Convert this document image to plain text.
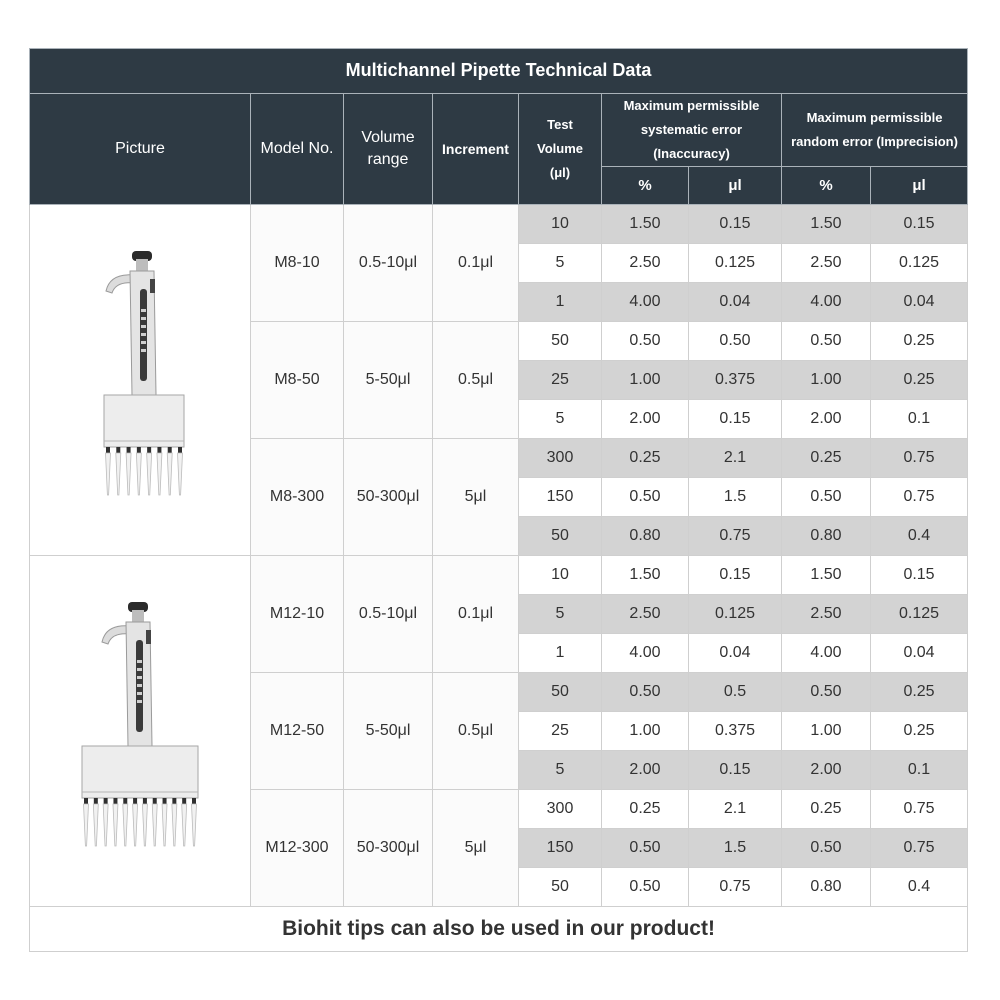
Multichannel Pipette Technical Data								
Picture	Model No.	Volume range	Increment	Test Volume (μl)	Maximum permissible systematic error (Inaccuracy)		Maximum permissible random error (Imprecision)	
					%	μl	%	μl

	M8-10	0.5-10μl	0.1μl	10	1.50	0.15	1.50	0.15
				5	2.50	0.125	2.50	0.125
				1	4.00	0.04	4.00	0.04
	M8-50	5-50μl	0.5μl	50	0.50	0.50	0.50	0.25
				25	1.00	0.375	1.00	0.25
				5	2.00	0.15	2.00	0.1
	M8-300	50-300μl	5μl	300	0.25	2.1	0.25	0.75
				150	0.50	1.5	0.50	0.75
				50	0.80	0.75	0.80	0.4

	M12-10	0.5-10μl	0.1μl	10	1.50	0.15	1.50	0.15
				5	2.50	0.125	2.50	0.125
				1	4.00	0.04	4.00	0.04
	M12-50	5-50μl	0.5μl	50	0.50	0.5	0.50	0.25
				25	1.00	0.375	1.00	0.25
				5	2.00	0.15	2.00	0.1
	M12-300	50-300μl	5μl	300	0.25	2.1	0.25	0.75
				150	0.50	1.5	0.50	0.75
				50	0.50	0.75	0.80	0.4
Biohit tips can also be used in our product!								
